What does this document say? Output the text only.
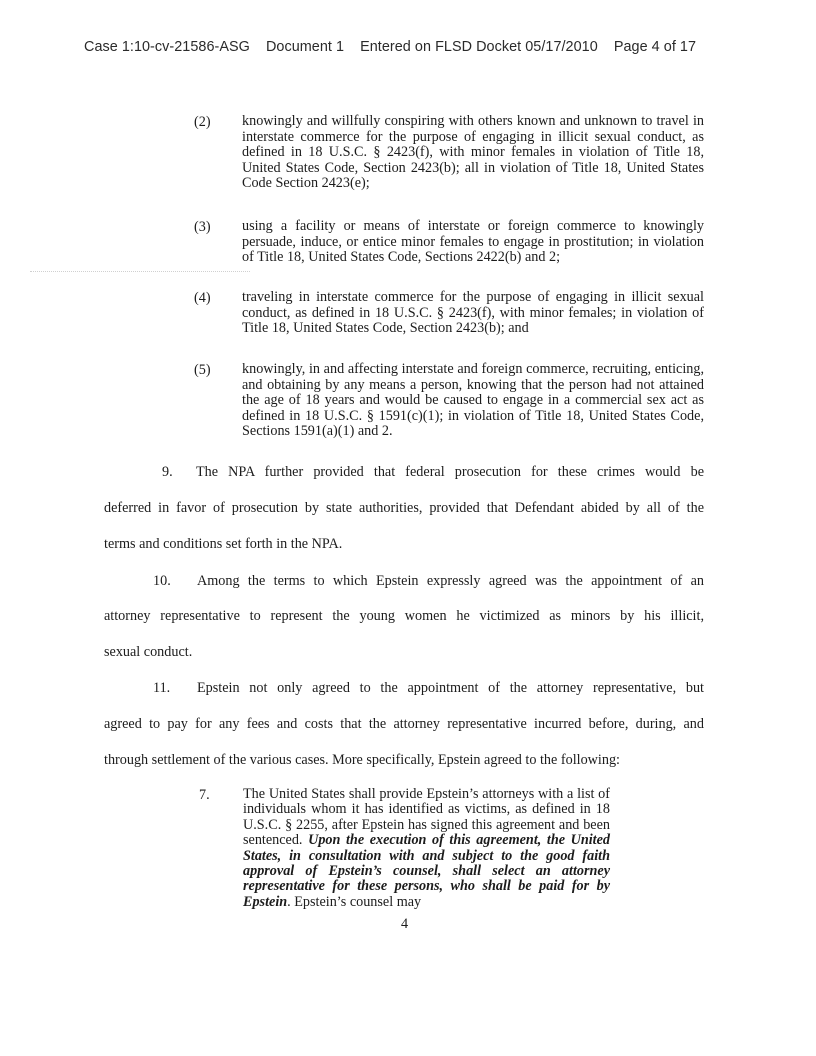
Case 1:10-cv-21586-ASG Document 1 Entered on FLSD Docket 05/17/2010 Page 4 of 17
(2)	knowingly and willfully conspiring with others known and unknown to travel in interstate commerce for the purpose of engaging in illicit sexual conduct, as defined in 18 U.S.C. § 2423(f), with minor females in violation of Title 18, United States Code, Section 2423(b); all in violation of Title 18, United States Code Section 2423(e);
(3)	using a facility or means of interstate or foreign commerce to knowingly persuade, induce, or entice minor females to engage in prostitution; in violation of Title 18, United States Code, Sections 2422(b) and 2;
(4)	traveling in interstate commerce for the purpose of engaging in illicit sexual conduct, as defined in 18 U.S.C. § 2423(f), with minor females; in violation of Title 18, United States Code, Section 2423(b); and
(5)	knowingly, in and affecting interstate and foreign commerce, recruiting, enticing, and obtaining by any means a person, knowing that the person had not attained the age of 18 years and would be caused to engage in a commercial sex act as defined in 18 U.S.C. § 1591(c)(1); in violation of Title 18, United States Code, Sections 1591(a)(1) and 2.
9. The NPA further provided that federal prosecution for these crimes would be
deferred in favor of prosecution by state authorities, provided that Defendant abided by all of the
terms and conditions set forth in the NPA.
10. Among the terms to which Epstein expressly agreed was the appointment of an
attorney representative to represent the young women he victimized as minors by his illicit,
sexual conduct.
11. Epstein not only agreed to the appointment of the attorney representative, but
agreed to pay for any fees and costs that the attorney representative incurred before, during, and
through settlement of the various cases. More specifically, Epstein agreed to the following:
7. The United States shall provide Epstein’s attorneys with a list of individuals whom it has identified as victims, as defined in 18 U.S.C. § 2255, after Epstein has signed this agreement and been sentenced. Upon the execution of this agreement, the United States, in consultation with and subject to the good faith approval of Epstein’s counsel, shall select an attorney representative for these persons, who shall be paid for by Epstein. Epstein’s counsel may
4
